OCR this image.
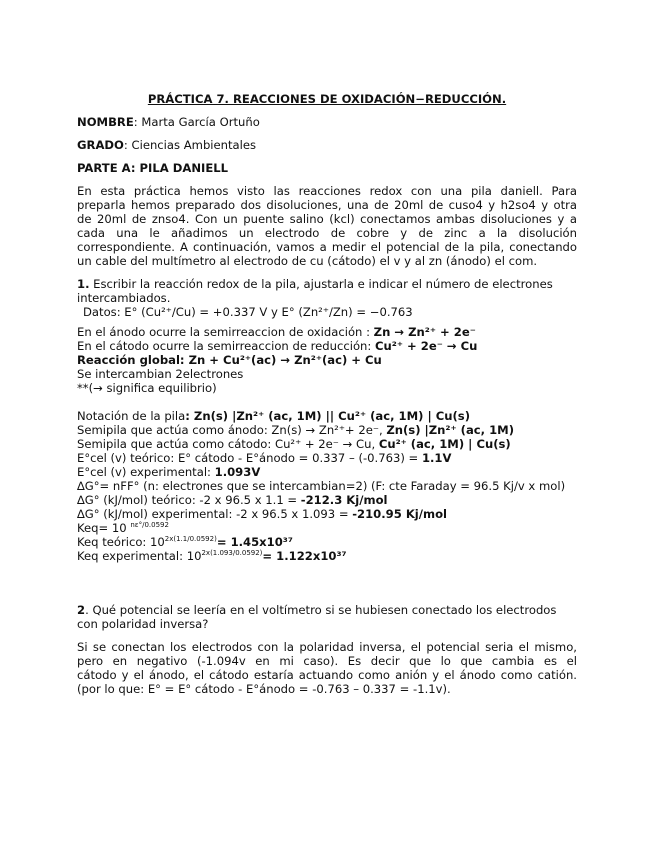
PRÁCTICA 7. REACCIONES DE OXIDACIÓN−REDUCCIÓN.
NOMBRE: Marta García Ortuño
GRADO: Ciencias Ambientales
PARTE A: PILA DANIELL
En esta práctica hemos visto las reacciones redox con una pila daniell. Para
preparla hemos preparado dos disoluciones, una de 20ml de cuso4 y h2so4 y otra
de 20ml de znso4. Con un puente salino (kcl) conectamos ambas disoluciones y a
cada una le añadimos un electrodo de cobre y de zinc a la disolución
correspondiente. A continuación, vamos a medir el potencial de la pila, conectando
un cable del multímetro al electrodo de cu (cátodo) el v y al zn (ánodo) el com.
1. Escribir la reacción redox de la pila, ajustarla e indicar el número de electrones
intercambiados.
Datos: E° (Cu²⁺/Cu) = +0.337 V y E° (Zn²⁺/Zn) = −0.763
En el ánodo ocurre la semirreaccion de oxidación : Zn → Zn²⁺ + 2e⁻
En el cátodo ocurre la semirreaccion de reducción: Cu²⁺ + 2e⁻ → Cu
Reacción global: Zn + Cu²⁺(ac) → Zn²⁺(ac) + Cu
Se intercambian 2electrones
**(→ significa equilibrio)
Notación de la pila: Zn(s) |Zn²⁺ (ac, 1M) || Cu²⁺ (ac, 1M) | Cu(s)
Semipila que actúa como ánodo: Zn(s) → Zn²⁺+ 2e⁻, Zn(s) |Zn²⁺ (ac, 1M)
Semipila que actúa como cátodo: Cu²⁺ + 2e⁻ → Cu, Cu²⁺ (ac, 1M) | Cu(s)
E°cel (v) teórico: E° cátodo - E°ánodo = 0.337 – (-0.763) = 1.1V
E°cel (v) experimental: 1.093V
∆G°= nFF° (n: electrones que se intercambian=2) (F: cte Faraday = 96.5 Kj/v x mol)
∆G° (kJ/mol) teórico: -2 x 96.5 x 1.1 = -212.3 Kj/mol
∆G° (kJ/mol) experimental: -2 x 96.5 x 1.093 = -210.95 Kj/mol
Keq= 10 $^{n\varepsilon^\circ/0.0592}$
Keq teórico: $10^{2x(1.1/0.0592)}= 1.45x10^{37}$
Keq experimental: $10^{2x(1.093/0.0592)}= 1.122x10^{37}$
2. Qué potencial se leería en el voltímetro si se hubiesen conectado los electrodos
con polaridad inversa?
Si se conectan los electrodos con la polaridad inversa, el potencial seria el mismo,
pero en negativo (-1.094v en mi caso). Es decir que lo que cambia es el
cátodo y el ánodo, el cátodo estaría actuando como anión y el ánodo como catión.
(por lo que: E° = E° cátodo - E°ánodo = -0.763 – 0.337 = -1.1v).
